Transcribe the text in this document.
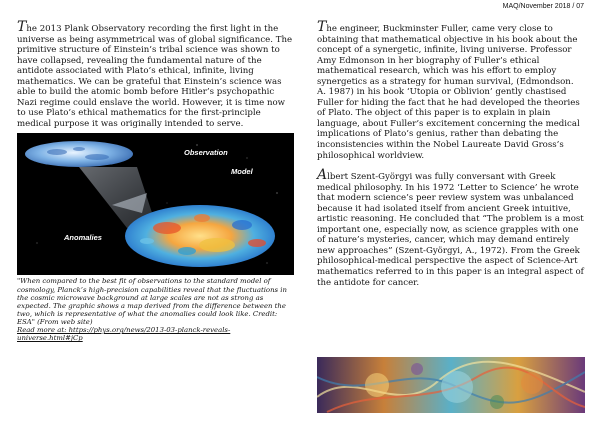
MAQ/November 2018 / 07

The 2013 Plank Observatory recording the first light in the universe as being asymmetrical was of global significance. The primitive structure of Einstein’s tribal science was shown to have collapsed, revealing the fundamental nature of the antidote associated with Plato’s ethical, infinite, living mathematics. We can be grateful that Einstein’s science was able to build the atomic bomb before Hitler’s psychopathic Nazi regime could enslave the world. However, it is time now to use Plato’s ethical mathematics for the first-principle medical purpose it was originally intended to serve.

Observation
Model
Anomalies

"When compared to the best fit of observations to the standard model of cosmology, Planck’s high-precision capabilities reveal that the fluctuations in the cosmic microwave background at large scales are not as strong as expected. The graphic shows a map derived from the difference between the two, which is representative of what the anomalies could look like. Credit: ESA" (From web site)
Read more at: https://phys.org/news/2013-03-planck-reveals-universe.html#jCp

The engineer, Buckminster Fuller, came very close to obtaining that mathematical objective in his book about the concept of a synergetic, infinite, living universe. Professor Amy Edmonson in her biography of Fuller’s ethical mathematical research, which was his effort to employ synergetics as a strategy for human survival, (Edmondson. A. 1987) in his book ‘Utopia or Oblivion’ gently chastised Fuller for hiding the fact that he had developed the theories of Plato. The object of this paper is to explain in plain language, about Fuller’s excitement concerning the medical implications of Plato’s genius, rather than debating the inconsistencies within the Nobel Laureate David Gross’s philosophical worldview.

Albert Szent-Györgyi was fully conversant with Greek medical philosophy. In his 1972 ‘Letter to Science’ he wrote that modern science’s peer review system was unbalanced because it had isolated itself from ancient Greek intuitive, artistic reasoning. He concluded that “The problem is a most important one, especially now, as science grapples with one of nature’s mysteries, cancer, which may demand entirely new approaches” (Szent-Györgyi, A., 1972). From the Greek philosophical-medical perspective the aspect of Science-Art mathematics referred to in this paper is an integral aspect of the antidote for cancer.
